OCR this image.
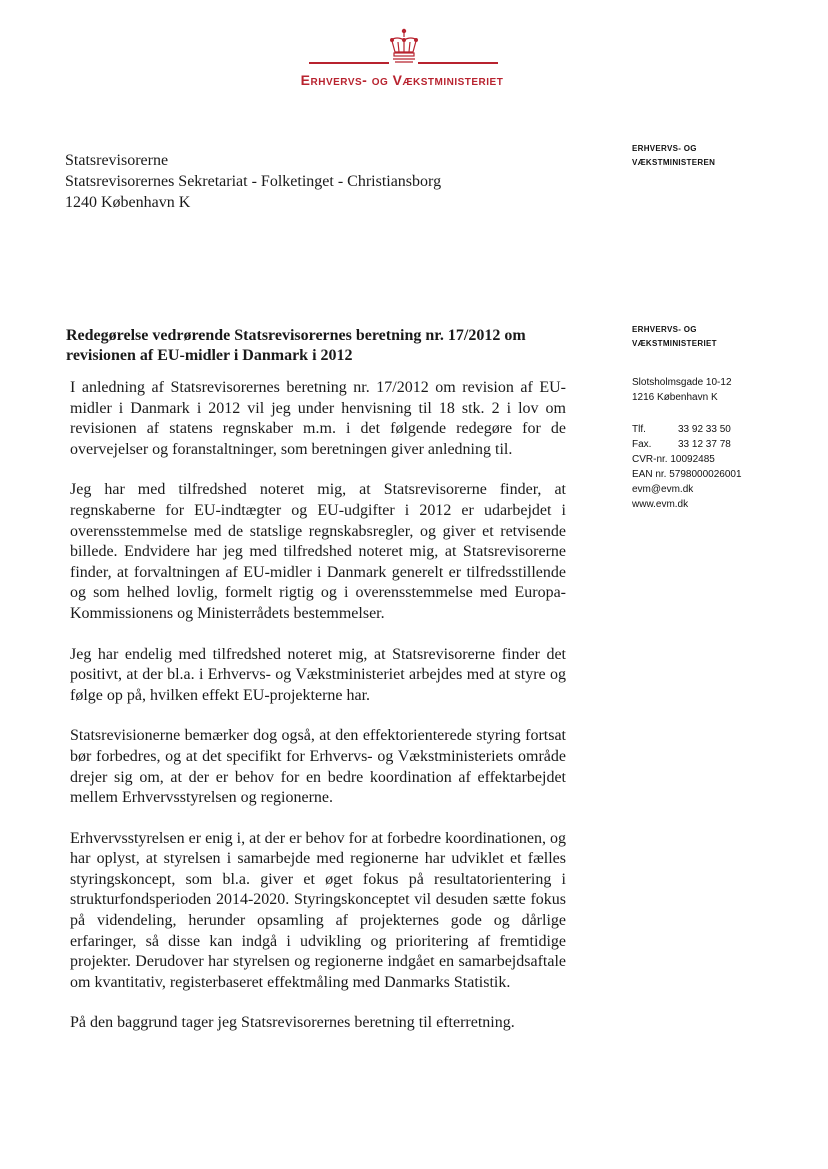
Erhvervs- og Vækstministeriet
Statsrevisorerne
Statsrevisorernes Sekretariat - Folketinget - Christiansborg
1240 København K
ERHVERVS- OG
VÆKSTMINISTEREN
ERHVERVS- OG
VÆKSTMINISTERIET
Slotsholmsgade 10-12
1216 København K
Tlf.	33 92 33 50
Fax.	33 12 37 78
CVR-nr. 10092485
EAN nr. 5798000026001
evm@evm.dk
www.evm.dk
Redegørelse vedrørende Statsrevisorernes beretning nr. 17/2012 om revisionen af EU-midler i Danmark i 2012

I anledning af Statsrevisorernes beretning nr. 17/2012 om revision af EU-midler i Danmark i 2012 vil jeg under henvisning til 18 stk. 2 i lov om revisionen af statens regnskaber m.m. i det følgende redegøre for de overvejelser og foranstaltninger, som beretningen giver anledning til.

Jeg har med tilfredshed noteret mig, at Statsrevisorerne finder, at regnskaberne for EU-indtægter og EU-udgifter i 2012 er udarbejdet i overensstemmelse med de statslige regnskabsregler, og giver et retvisende billede. Endvidere har jeg med tilfredshed noteret mig, at Statsrevisorerne finder, at forvaltningen af EU-midler i Danmark generelt er tilfredsstillende og som helhed lovlig, formelt rigtig og i overensstemmelse med Europa-Kommissionens og Ministerrådets bestemmelser.

Jeg har endelig med tilfredshed noteret mig, at Statsrevisorerne finder det positivt, at der bl.a. i Erhvervs- og Vækstministeriet arbejdes med at styre og følge op på, hvilken effekt EU-projekterne har.

Statsrevisionerne bemærker dog også, at den effektorienterede styring fortsat bør forbedres, og at det specifikt for Erhvervs- og Vækstministeriets område drejer sig om, at der er behov for en bedre koordination af effektarbejdet mellem Erhvervsstyrelsen og regionerne.

Erhvervsstyrelsen er enig i, at der er behov for at forbedre koordinationen, og har oplyst, at styrelsen i samarbejde med regionerne har udviklet et fælles styringskoncept, som bl.a. giver et øget fokus på resultatorientering i strukturfondsperioden 2014-2020. Styringskonceptet vil desuden sætte fokus på videndeling, herunder opsamling af projekternes gode og dårlige erfaringer, så disse kan indgå i udvikling og prioritering af fremtidige projekter. Derudover har styrelsen og regionerne indgået en samarbejdsaftale om kvantitativ, registerbaseret effektmåling med Danmarks Statistik.

På den baggrund tager jeg Statsrevisorernes beretning til efterretning.
